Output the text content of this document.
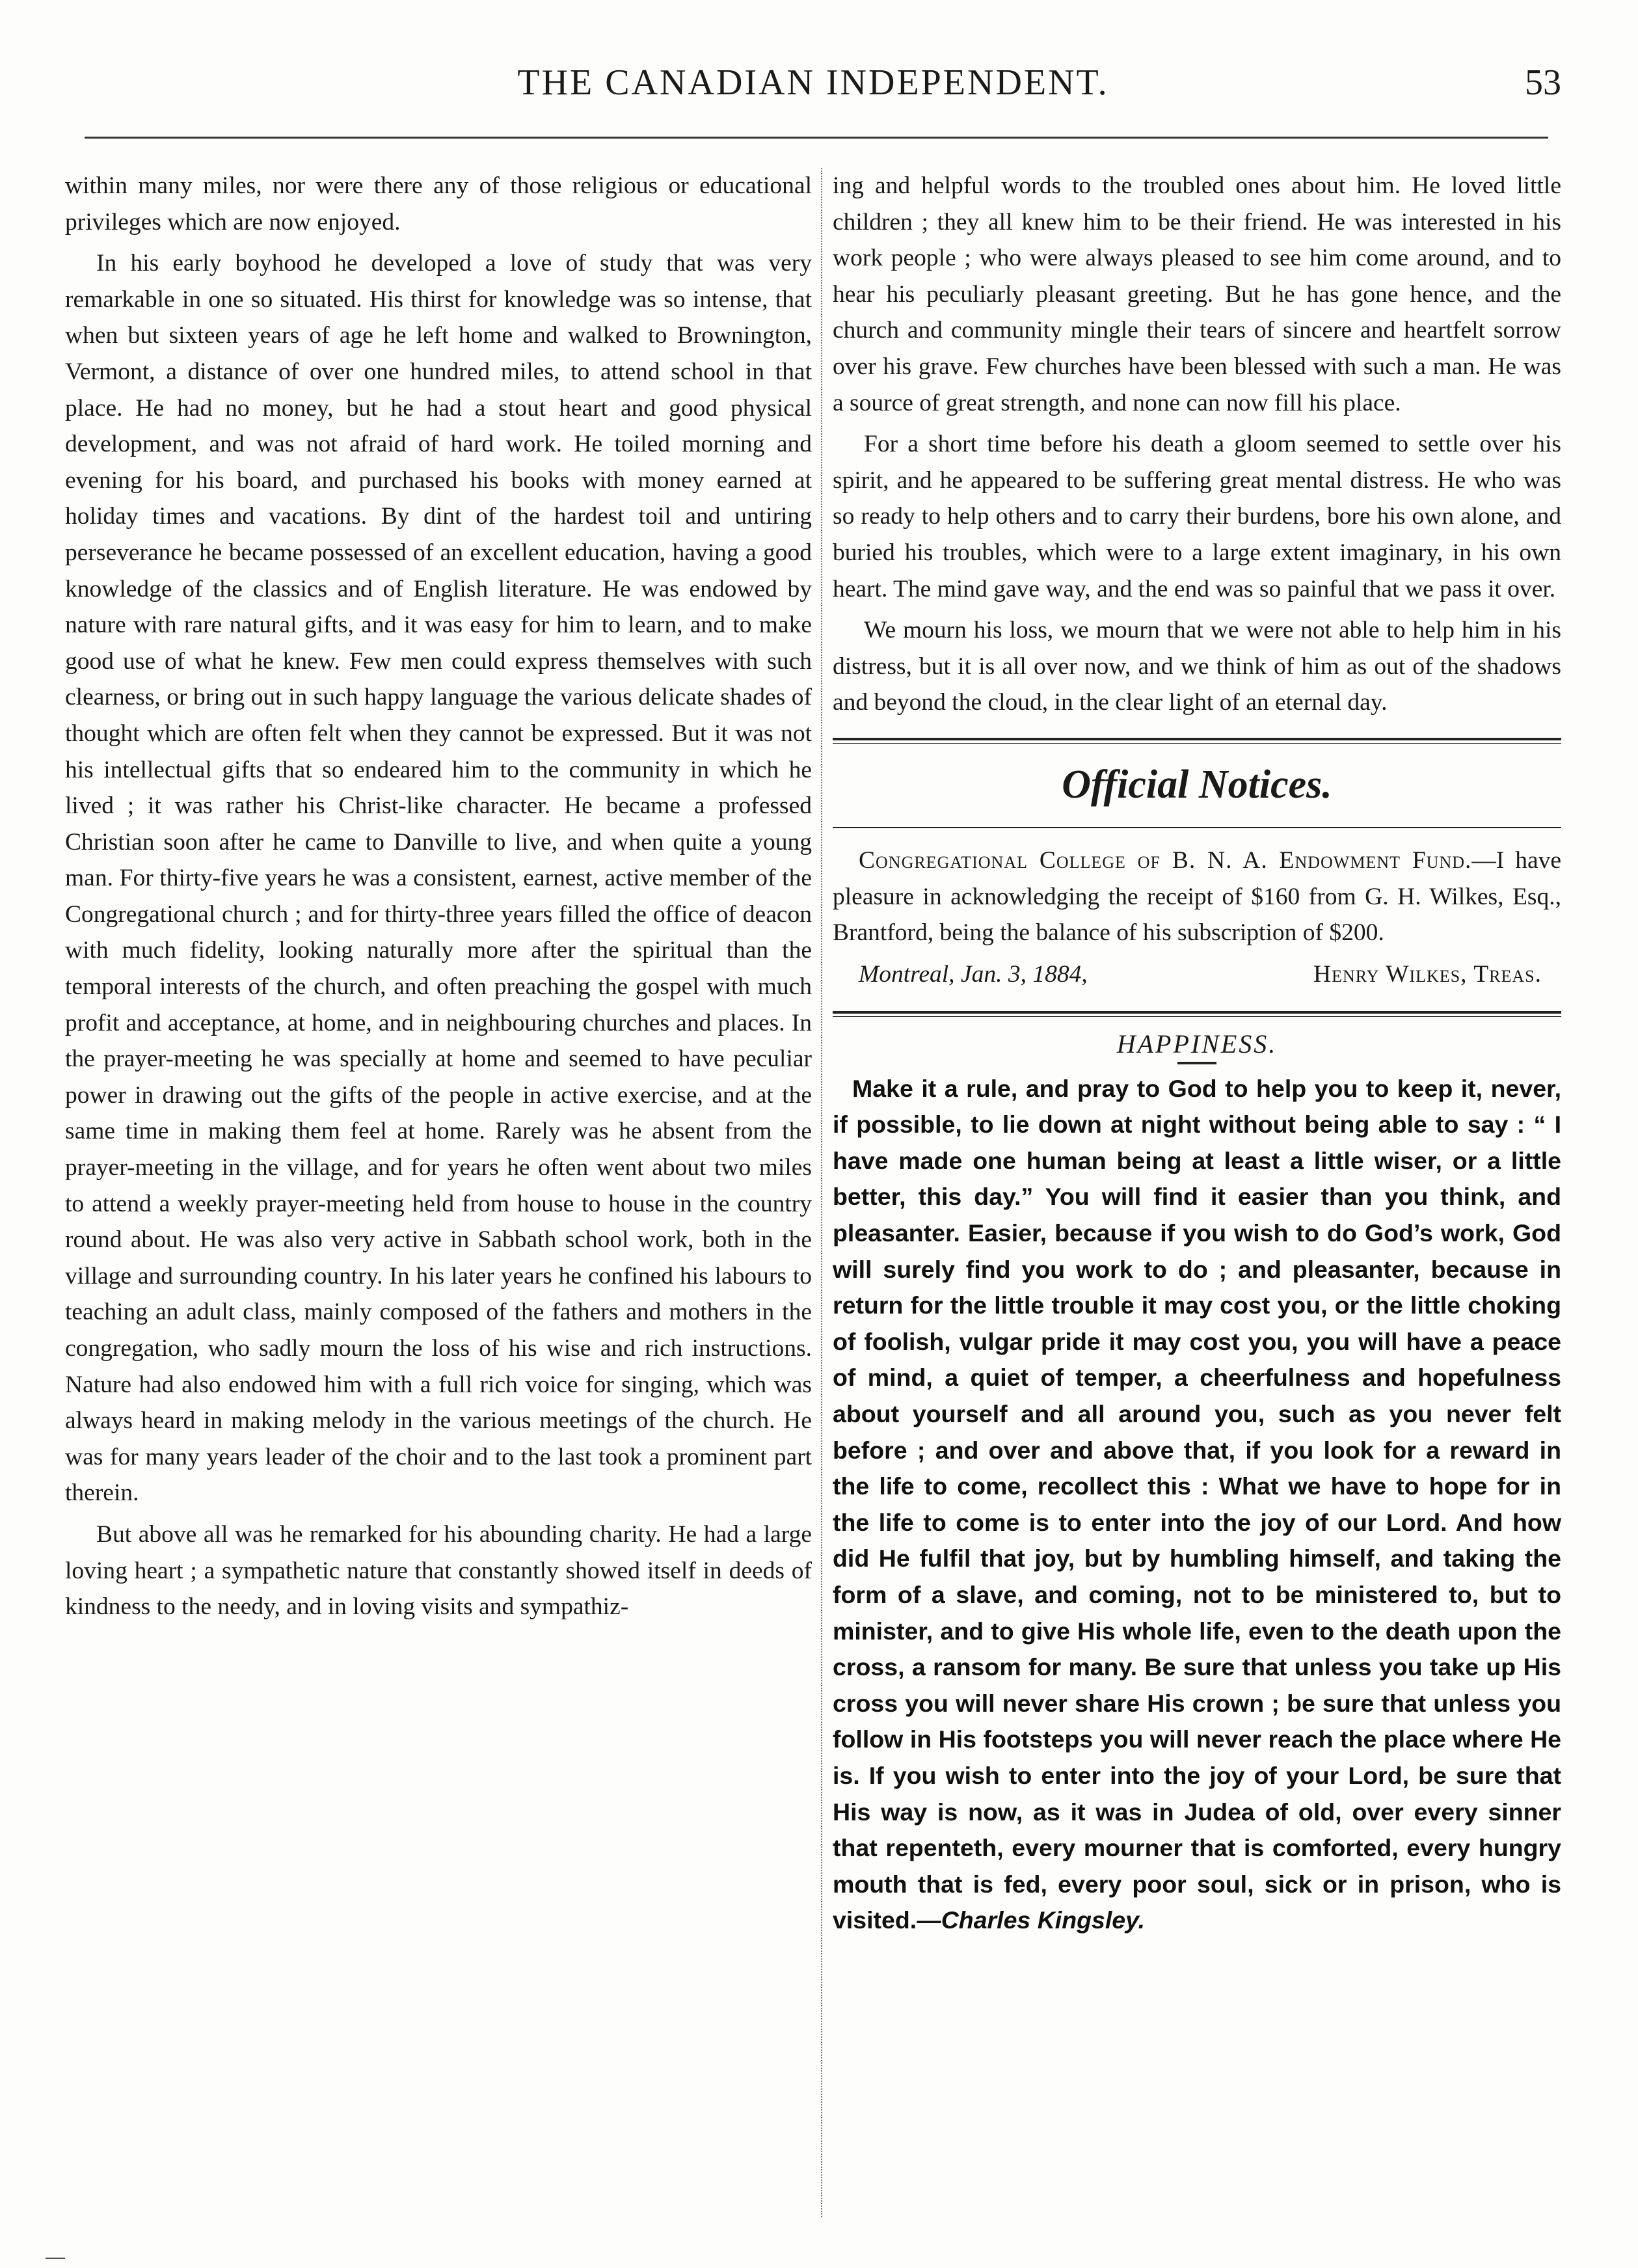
THE CANADIAN INDEPENDENT.	53

within many miles, nor were there any of those religious or educational privileges which are now enjoyed.

In his early boyhood he developed a love of study that was very remarkable in one so situated. His thirst for knowledge was so intense, that when but sixteen years of age he left home and walked to Brownington, Vermont, a distance of over one hundred miles, to attend school in that place. He had no money, but he had a stout heart and good physical development, and was not afraid of hard work. He toiled morning and evening for his board, and purchased his books with money earned at holiday times and vacations. By dint of the hardest toil and untiring perseverance he became possessed of an excellent education, having a good knowledge of the classics and of English literature. He was endowed by nature with rare natural gifts, and it was easy for him to learn, and to make good use of what he knew. Few men could express themselves with such clearness, or bring out in such happy language the various delicate shades of thought which are often felt when they cannot be expressed. But it was not his intellectual gifts that so endeared him to the community in which he lived ; it was rather his Christ-like character. He became a professed Christian soon after he came to Danville to live, and when quite a young man. For thirty-five years he was a consistent, earnest, active member of the Congregational church ; and for thirty-three years filled the office of deacon with much fidelity, looking naturally more after the spiritual than the temporal interests of the church, and often preaching the gospel with much profit and acceptance, at home, and in neighbouring churches and places. In the prayer-meeting he was specially at home and seemed to have peculiar power in drawing out the gifts of the people in active exercise, and at the same time in making them feel at home. Rarely was he absent from the prayer-meeting in the village, and for years he often went about two miles to attend a weekly prayer-meeting held from house to house in the country round about. He was also very active in Sabbath school work, both in the village and surrounding country. In his later years he confined his labours to teaching an adult class, mainly composed of the fathers and mothers in the congregation, who sadly mourn the loss of his wise and rich instructions. Nature had also endowed him with a full rich voice for singing, which was always heard in making melody in the various meetings of the church. He was for many years leader of the choir and to the last took a prominent part therein.

But above all was he remarked for his abounding charity. He had a large loving heart ; a sympathetic nature that constantly showed itself in deeds of kindness to the needy, and in loving visits and sympathiz-

ing and helpful words to the troubled ones about him. He loved little children ; they all knew him to be their friend. He was interested in his work people ; who were always pleased to see him come around, and to hear his peculiarly pleasant greeting. But he has gone hence, and the church and community mingle their tears of sincere and heartfelt sorrow over his grave. Few churches have been blessed with such a man. He was a source of great strength, and none can now fill his place.

For a short time before his death a gloom seemed to settle over his spirit, and he appeared to be suffering great mental distress. He who was so ready to help others and to carry their burdens, bore his own alone, and buried his troubles, which were to a large extent imaginary, in his own heart. The mind gave way, and the end was so painful that we pass it over.

We mourn his loss, we mourn that we were not able to help him in his distress, but it is all over now, and we think of him as out of the shadows and beyond the cloud, in the clear light of an eternal day.

Official Notices.

Congregational College of B. N. A. Endowment Fund.—I have pleasure in acknowledging the receipt of $160 from G. H. Wilkes, Esq., Brantford, being the balance of his subscription of $200.

Montreal, Jan. 3, 1884,	Henry Wilkes, Treas.
HAPPINESS.

Make it a rule, and pray to God to help you to keep it, never, if possible, to lie down at night without being able to say : “ I have made one human being at least a little wiser, or a little better, this day.” You will find it easier than you think, and pleasanter. Easier, because if you wish to do God’s work, God will surely find you work to do ; and pleasanter, because in return for the little trouble it may cost you, or the little choking of foolish, vulgar pride it may cost you, you will have a peace of mind, a quiet of temper, a cheerfulness and hopefulness about yourself and all around you, such as you never felt before ; and over and above that, if you look for a reward in the life to come, recollect this : What we have to hope for in the life to come is to enter into the joy of our Lord. And how did He fulfil that joy, but by humbling himself, and taking the form of a slave, and coming, not to be ministered to, but to minister, and to give His whole life, even to the death upon the cross, a ransom for many. Be sure that unless you take up His cross you will never share His crown ; be sure that unless you follow in His footsteps you will never reach the place where He is. If you wish to enter into the joy of your Lord, be sure that His way is now, as it was in Judea of old, over every sinner that repenteth, every mourner that is comforted, every hungry mouth that is fed, every poor soul, sick or in prison, who is visited.—Charles Kingsley.
